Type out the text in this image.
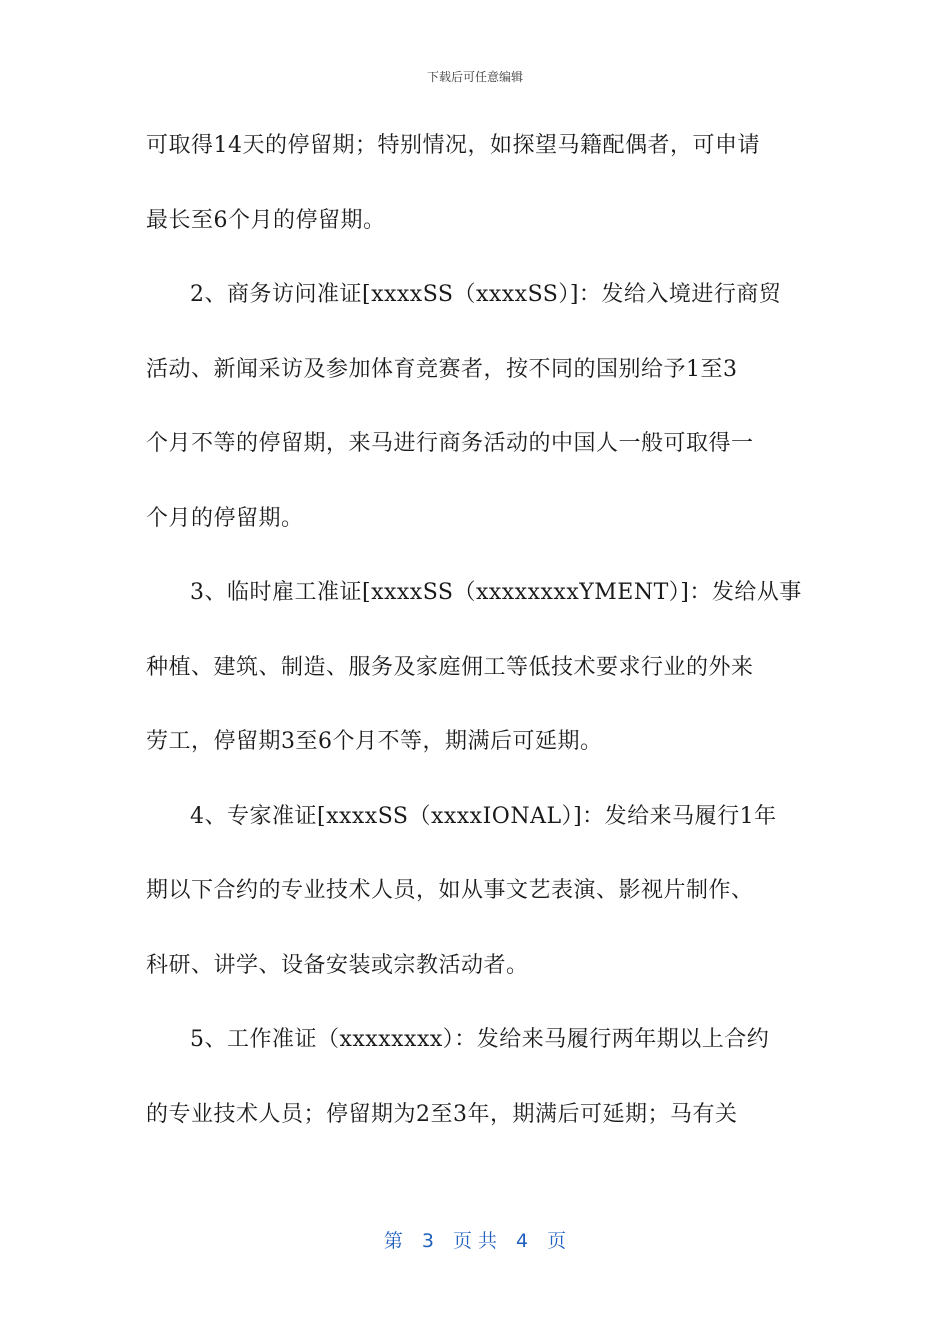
下载后可任意编辑
可取得14天的停留期；特别情况，如探望马籍配偶者，可申请
最长至6个月的停留期。
2、商务访问准证[xxxxSS（xxxxSS）]：发给入境进行商贸
活动、新闻采访及参加体育竞赛者，按不同的国别给予1至3
个月不等的停留期，来马进行商务活动的中国人一般可取得一
个月的停留期。
3、临时雇工准证[xxxxSS（xxxxxxxxYMENT）]：发给从事
种植、建筑、制造、服务及家庭佣工等低技术要求行业的外来
劳工，停留期3至6个月不等，期满后可延期。
4、专家准证[xxxxSS（xxxxIONAL）]：发给来马履行1年
期以下合约的专业技术人员，如从事文艺表演、影视片制作、
科研、讲学、设备安装或宗教活动者。
5、工作准证（xxxxxxxx）：发给来马履行两年期以上合约
的专业技术人员；停留期为2至3年，期满后可延期；马有关
第　3　页 共　4　页
